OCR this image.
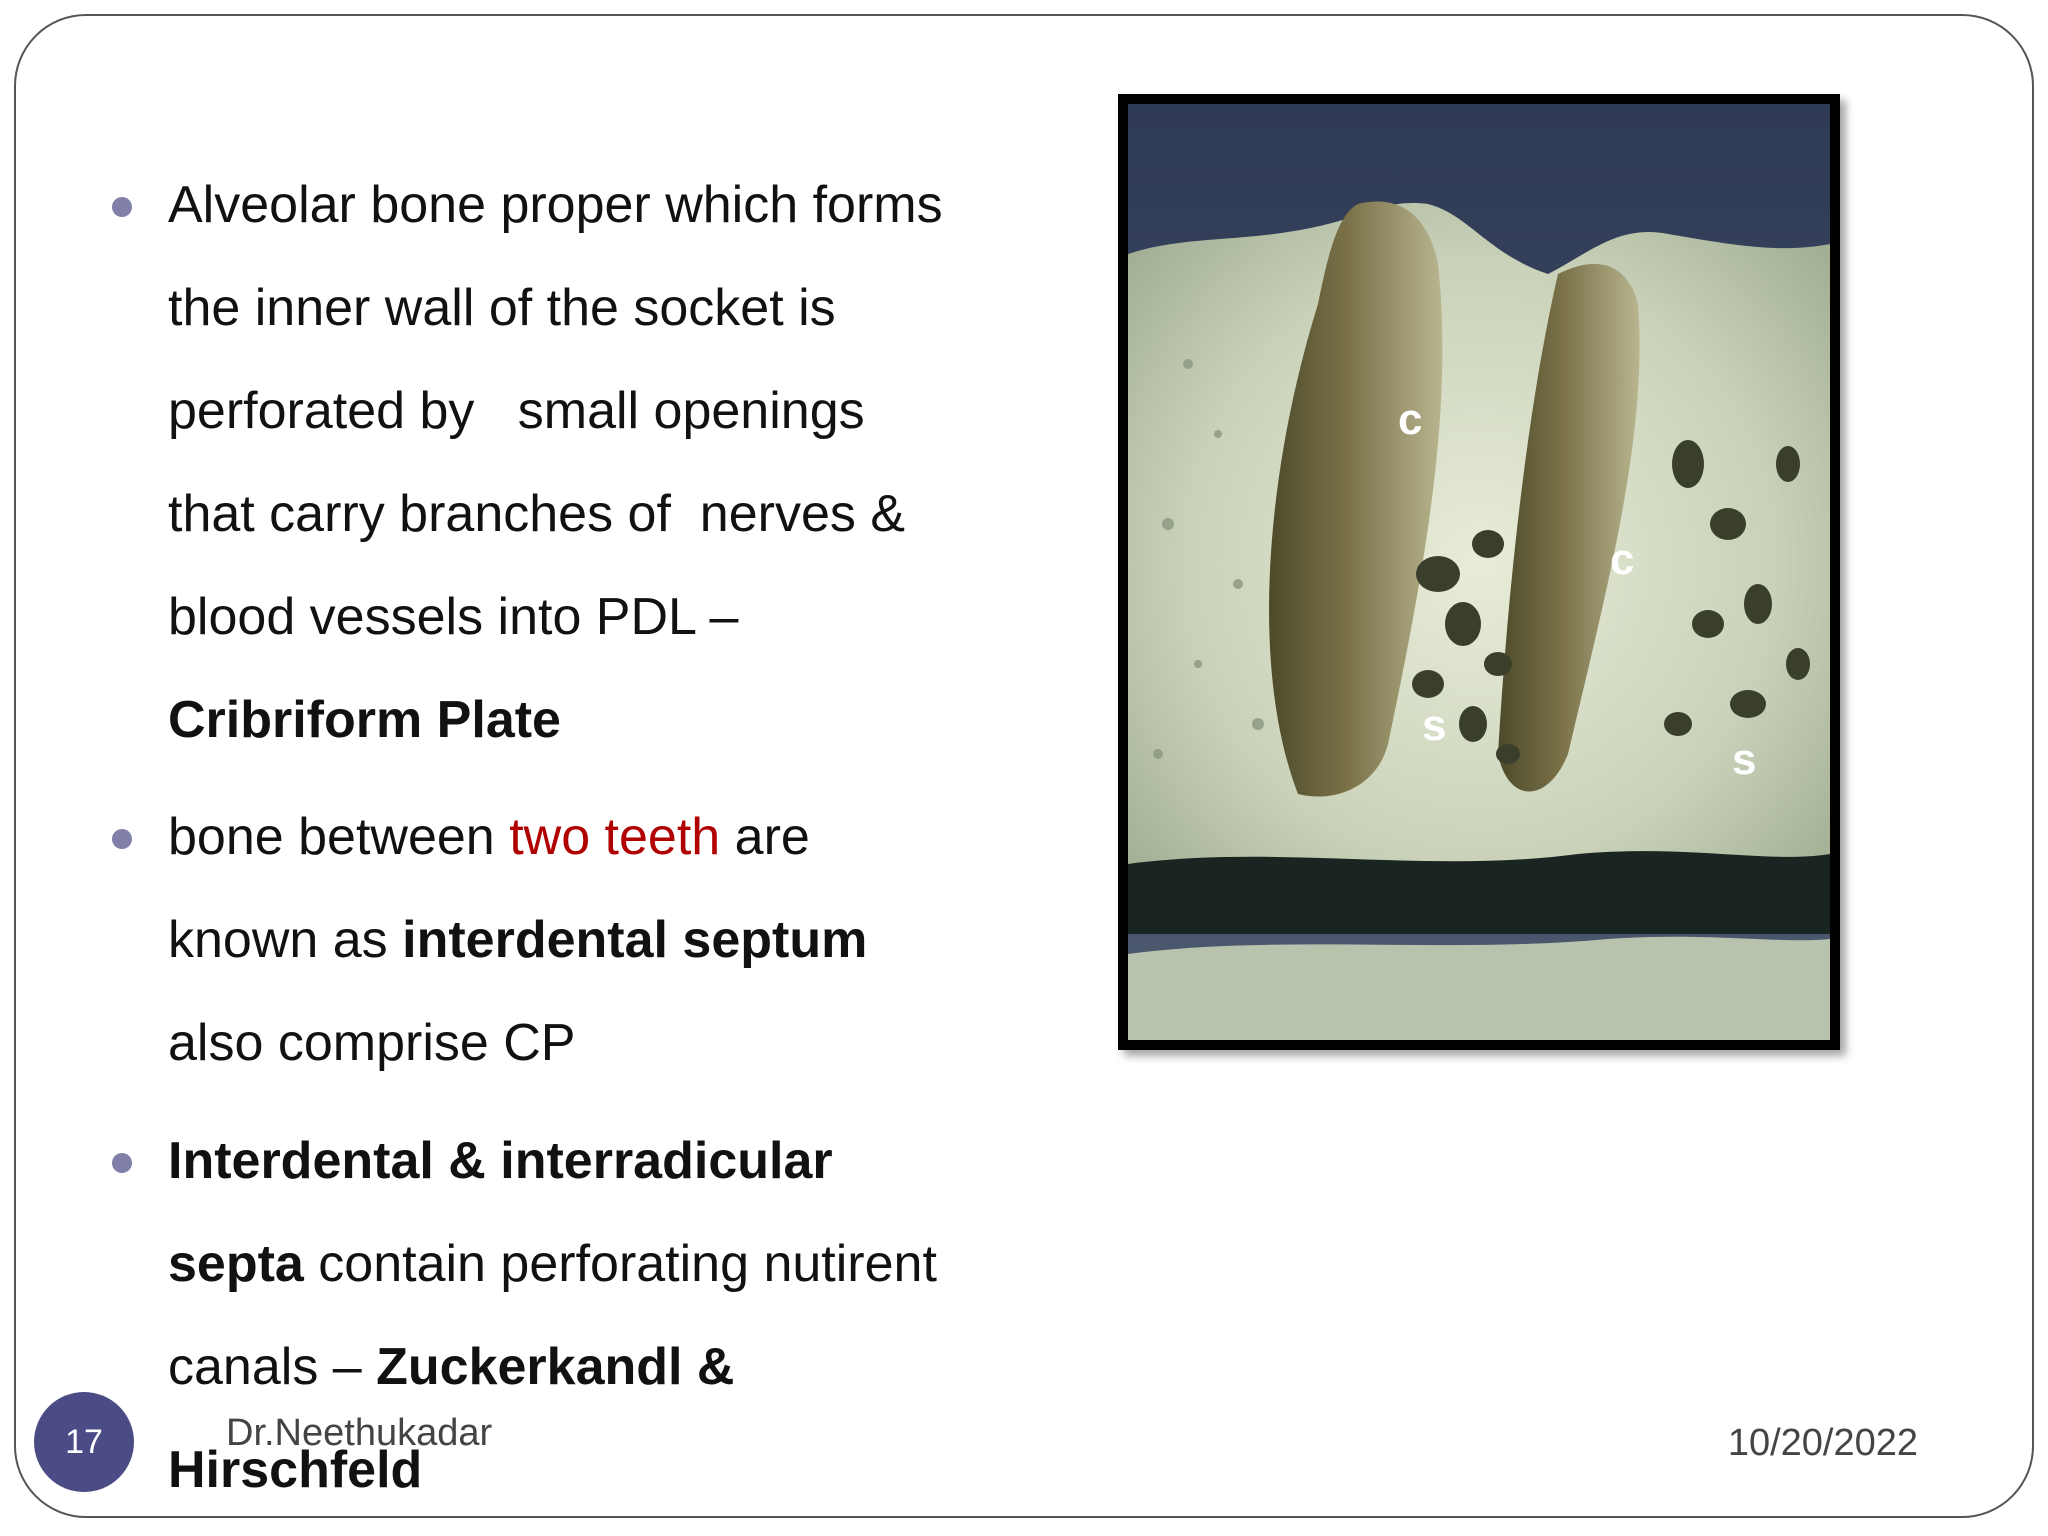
Alveolar bone proper which forms
the inner wall of the socket is
perforated by   small openings
that carry branches of  nerves &
blood vessels into PDL –
Cribriform Plate
bone between two teeth are
known as interdental septum
also comprise CP
Interdental & interradicular
septa contain perforating nutirent
canals – Zuckerkandl &
Hirschfeld
c
c
s
s
17	Dr.Neethukadar	10/20/2022
